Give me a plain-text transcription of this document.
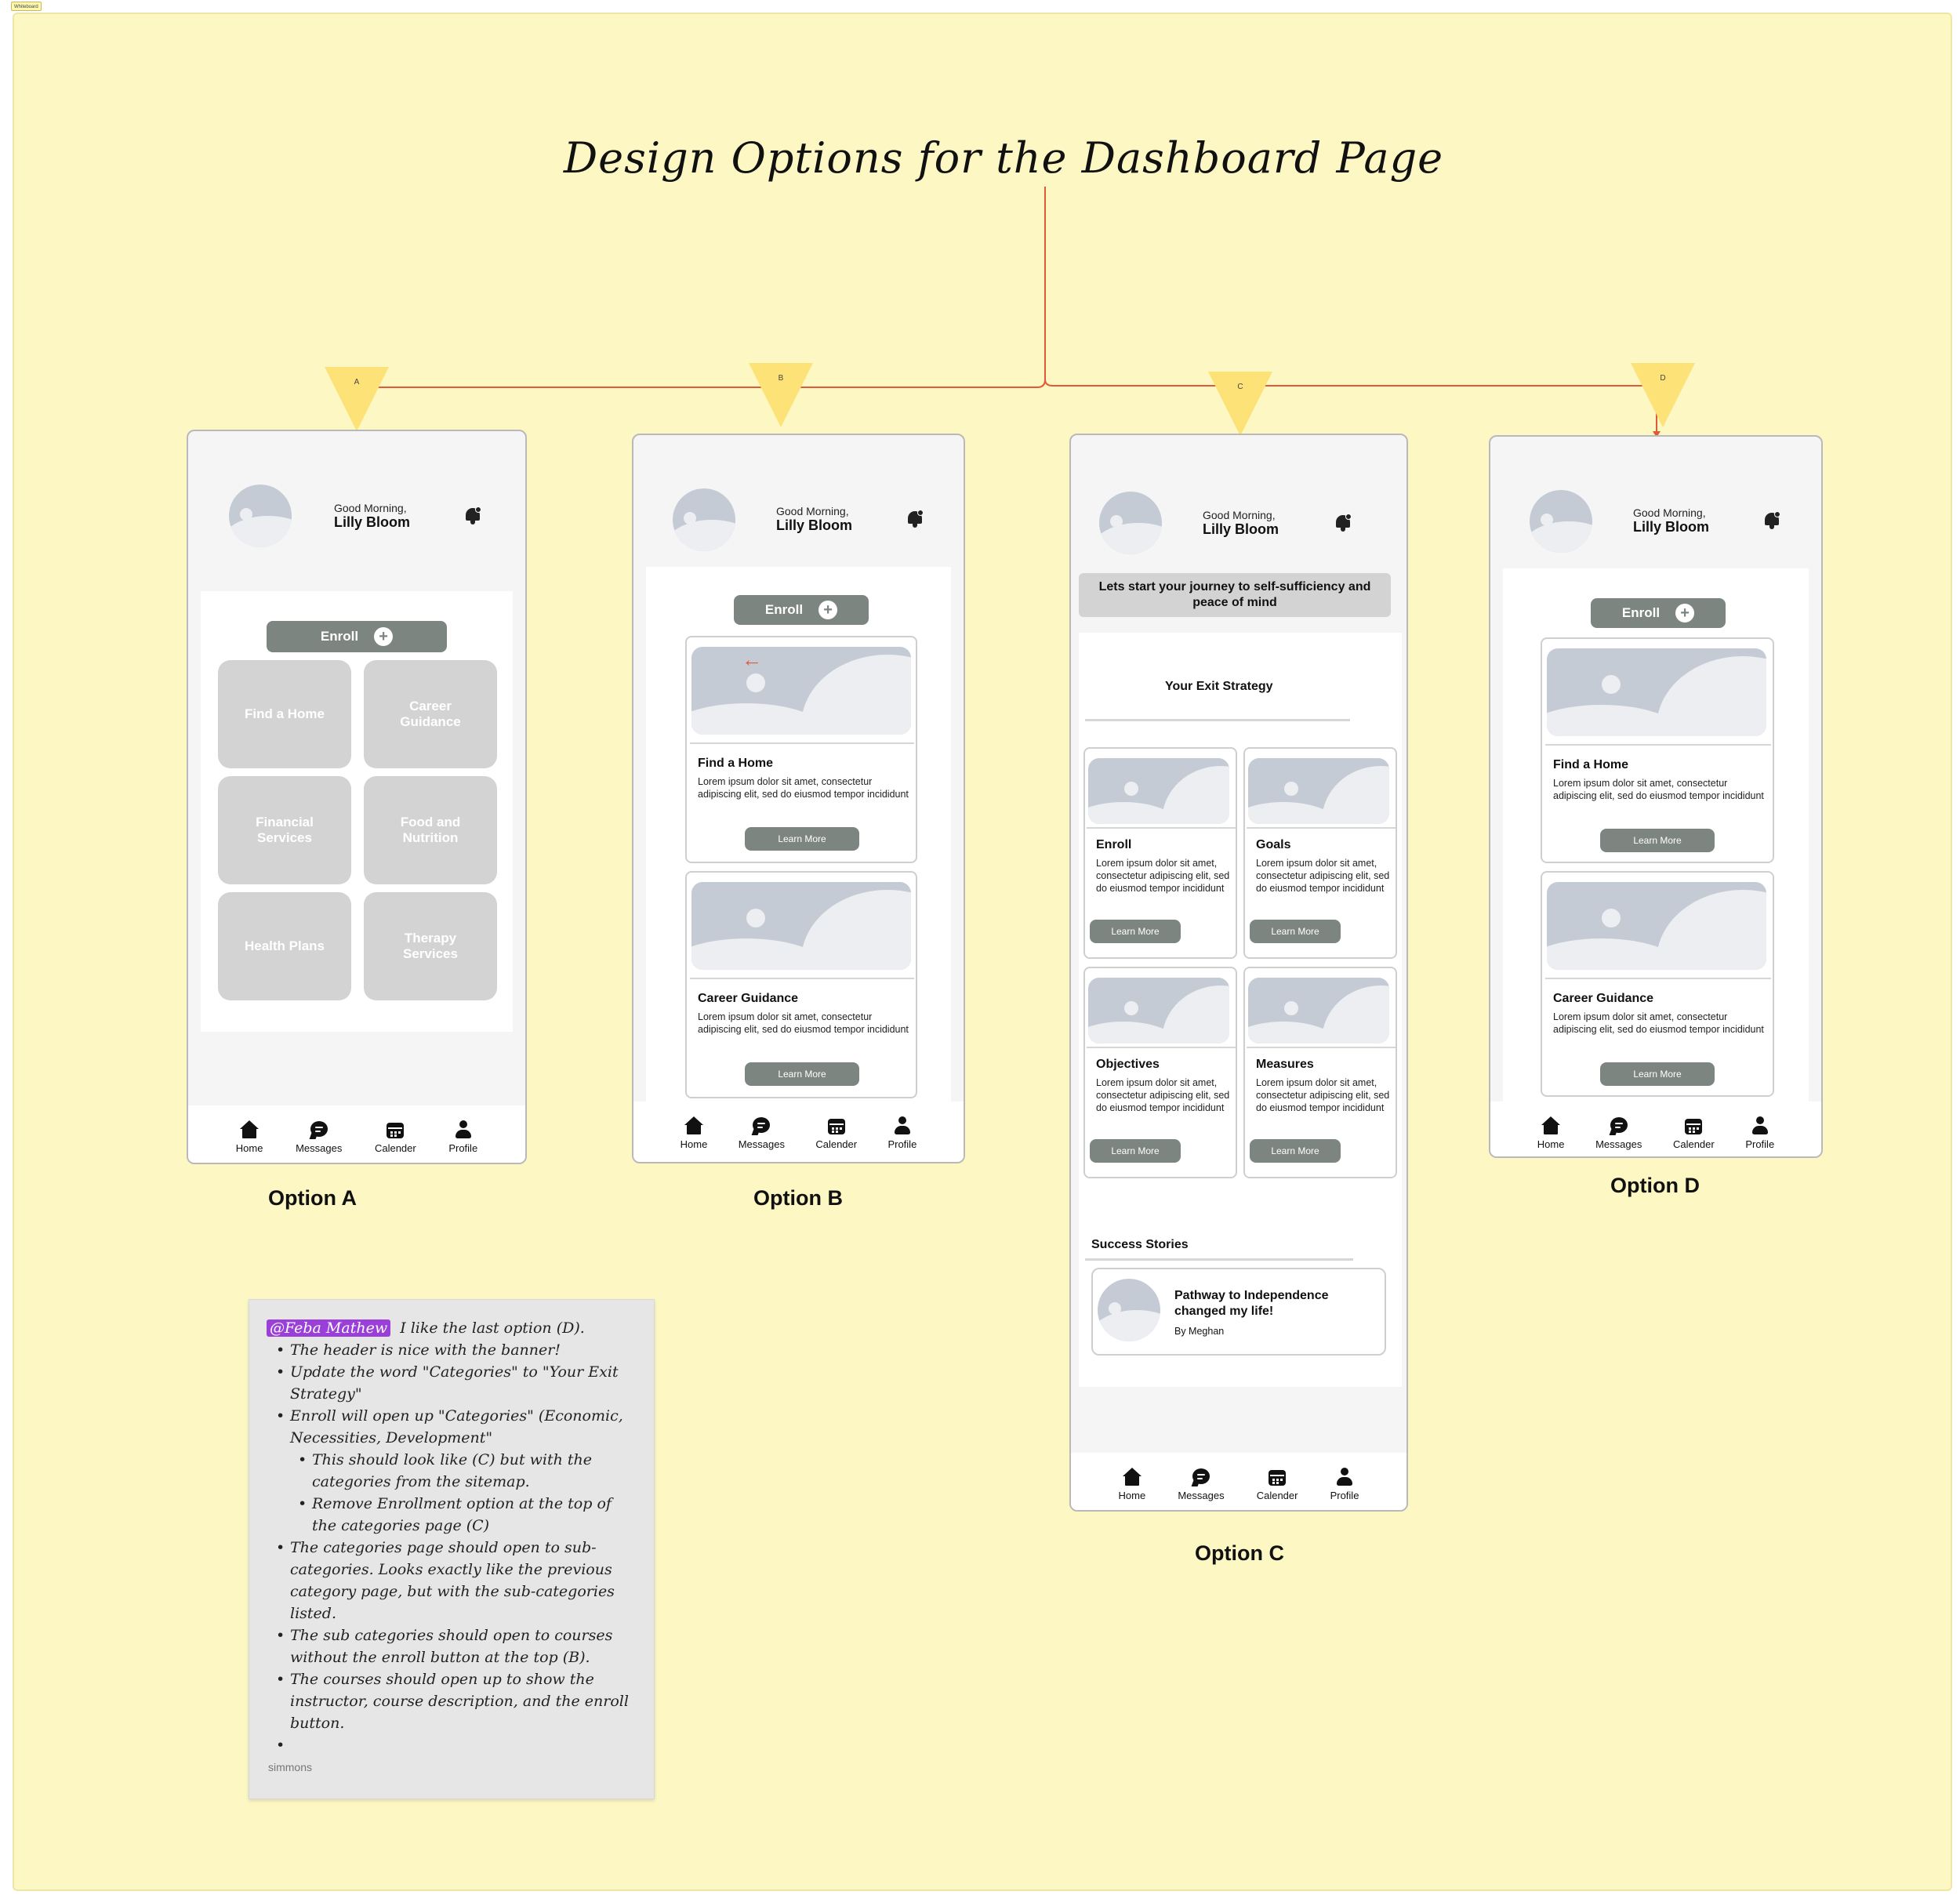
Whiteboard
Design Options for the Dashboard Page
A	B
C
D
Good Morning,
Lilly Bloom
Enroll	+
Find a Home
Career Guidance
Financial Services
Food and Nutrition
Health Plans
Therapy Services
Home	Messages	Calender	Profile
Option A
Good Morning,
Lilly Bloom
Enroll	+
←
Find a Home
Lorem ipsum dolor sit amet, consectetur adipiscing elit, sed do eiusmod tempor incididunt
Learn More
Career Guidance
Lorem ipsum dolor sit amet, consectetur adipiscing elit, sed do eiusmod tempor incididunt
Learn More
Home	Messages	Calender	Profile
Option B
Good Morning,
Lilly Bloom
Lets start your journey to self-sufficiency and peace of mind
Your Exit Strategy
Enroll
Lorem ipsum dolor sit amet, consectetur adipiscing elit, sed do eiusmod tempor incididunt
Learn More
Goals
Lorem ipsum dolor sit amet, consectetur adipiscing elit, sed do eiusmod tempor incididunt
Learn More
Objectives
Lorem ipsum dolor sit amet, consectetur adipiscing elit, sed do eiusmod tempor incididunt
Learn More
Measures
Lorem ipsum dolor sit amet, consectetur adipiscing elit, sed do eiusmod tempor incididunt
Learn More
Success Stories
Pathway to Independence changed my life!
By Meghan
Home	Messages	Calender	Profile
Option C
Good Morning,
Lilly Bloom
Enroll	+
Find a Home
Lorem ipsum dolor sit amet, consectetur adipiscing elit, sed do eiusmod tempor incididunt
Learn More
Career Guidance
Lorem ipsum dolor sit amet, consectetur adipiscing elit, sed do eiusmod tempor incididunt
Learn More
Home	Messages	Calender	Profile
Option D
@Feba Mathew I like the last option (D).
• The header is nice with the banner!
• Update the word "Categories" to "Your Exit Strategy"
• Enroll will open up "Categories" (Economic, Necessities, Development"
• This should look like (C) but with the categories from the sitemap.
• Remove Enrollment option at the top of the categories page (C)
• The categories page should open to sub-categories. Looks exactly like the previous category page, but with the sub-categories listed.
• The sub categories should open to courses without the enroll button at the top (B).
• The courses should open up to show the instructor, course description, and the enroll button.
•
simmons
